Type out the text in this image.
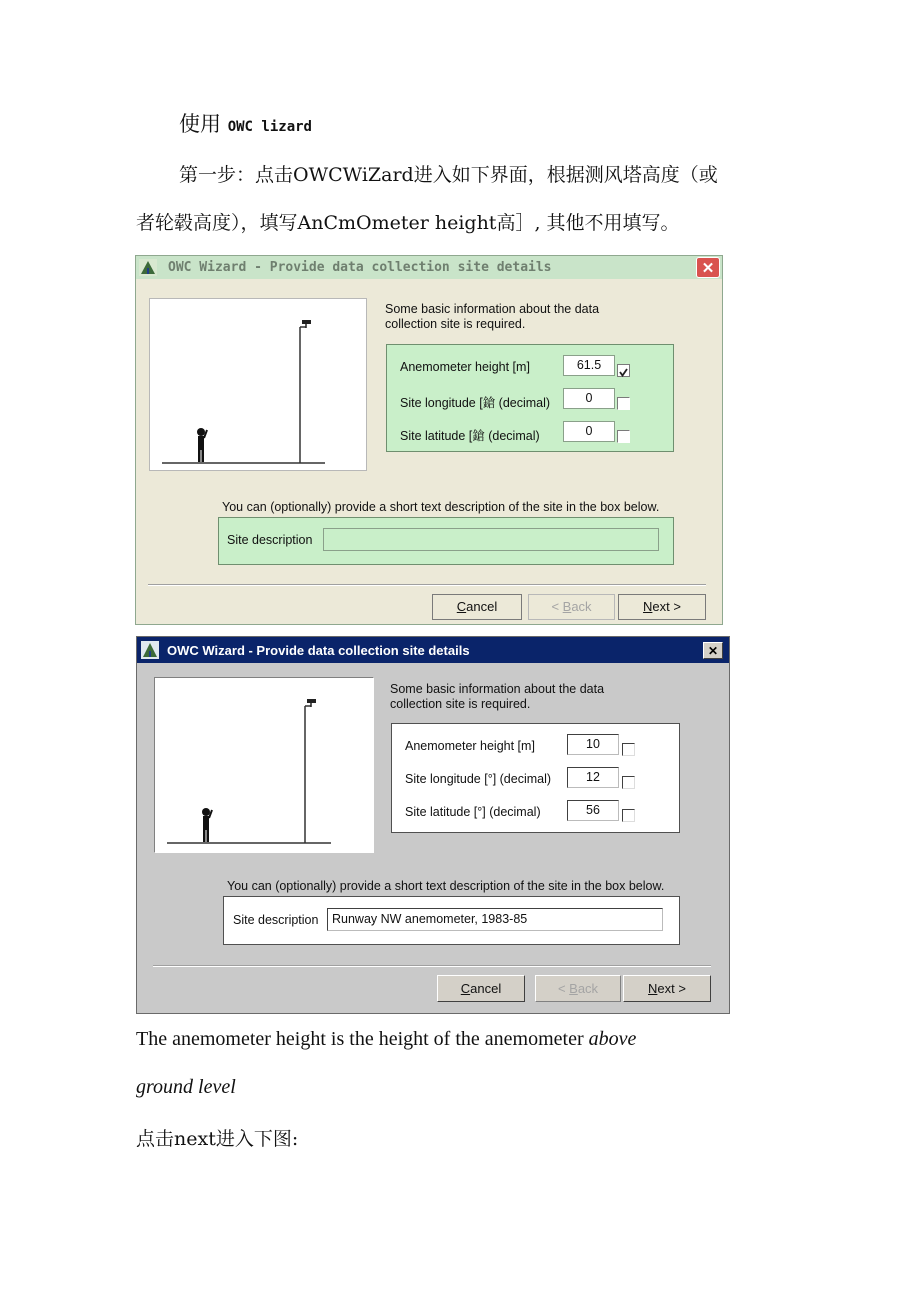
使用 OWC lizard
第一步：点击OWCWiZard进入如下界面，根据测风塔高度（或
者轮毂高度），填写AnCmOmeter height高］, 其他不用填写。
OWC Wizard - Provide data collection site details	✕
Some basic information about the data
collection site is required.
Anemometer height [m]	61.5
Site longitude [鎗 (decimal)	0
Site latitude [鎗 (decimal)	0
You can (optionally) provide a short text description of the site in the box below.
Site description
Cancel	< Back	Next >
OWC Wizard - Provide data collection site details	✕
Some basic information about the data
collection site is required.
Anemometer height [m]	10
Site longitude [°] (decimal)	12
Site latitude [°] (decimal)	56
You can (optionally) provide a short text description of the site in the box below.
Site description	Runway NW anemometer, 1983-85
Cancel	< Back	Next >
The anemometer height is the height of the anemometer above
ground level
点击next进入下图:
